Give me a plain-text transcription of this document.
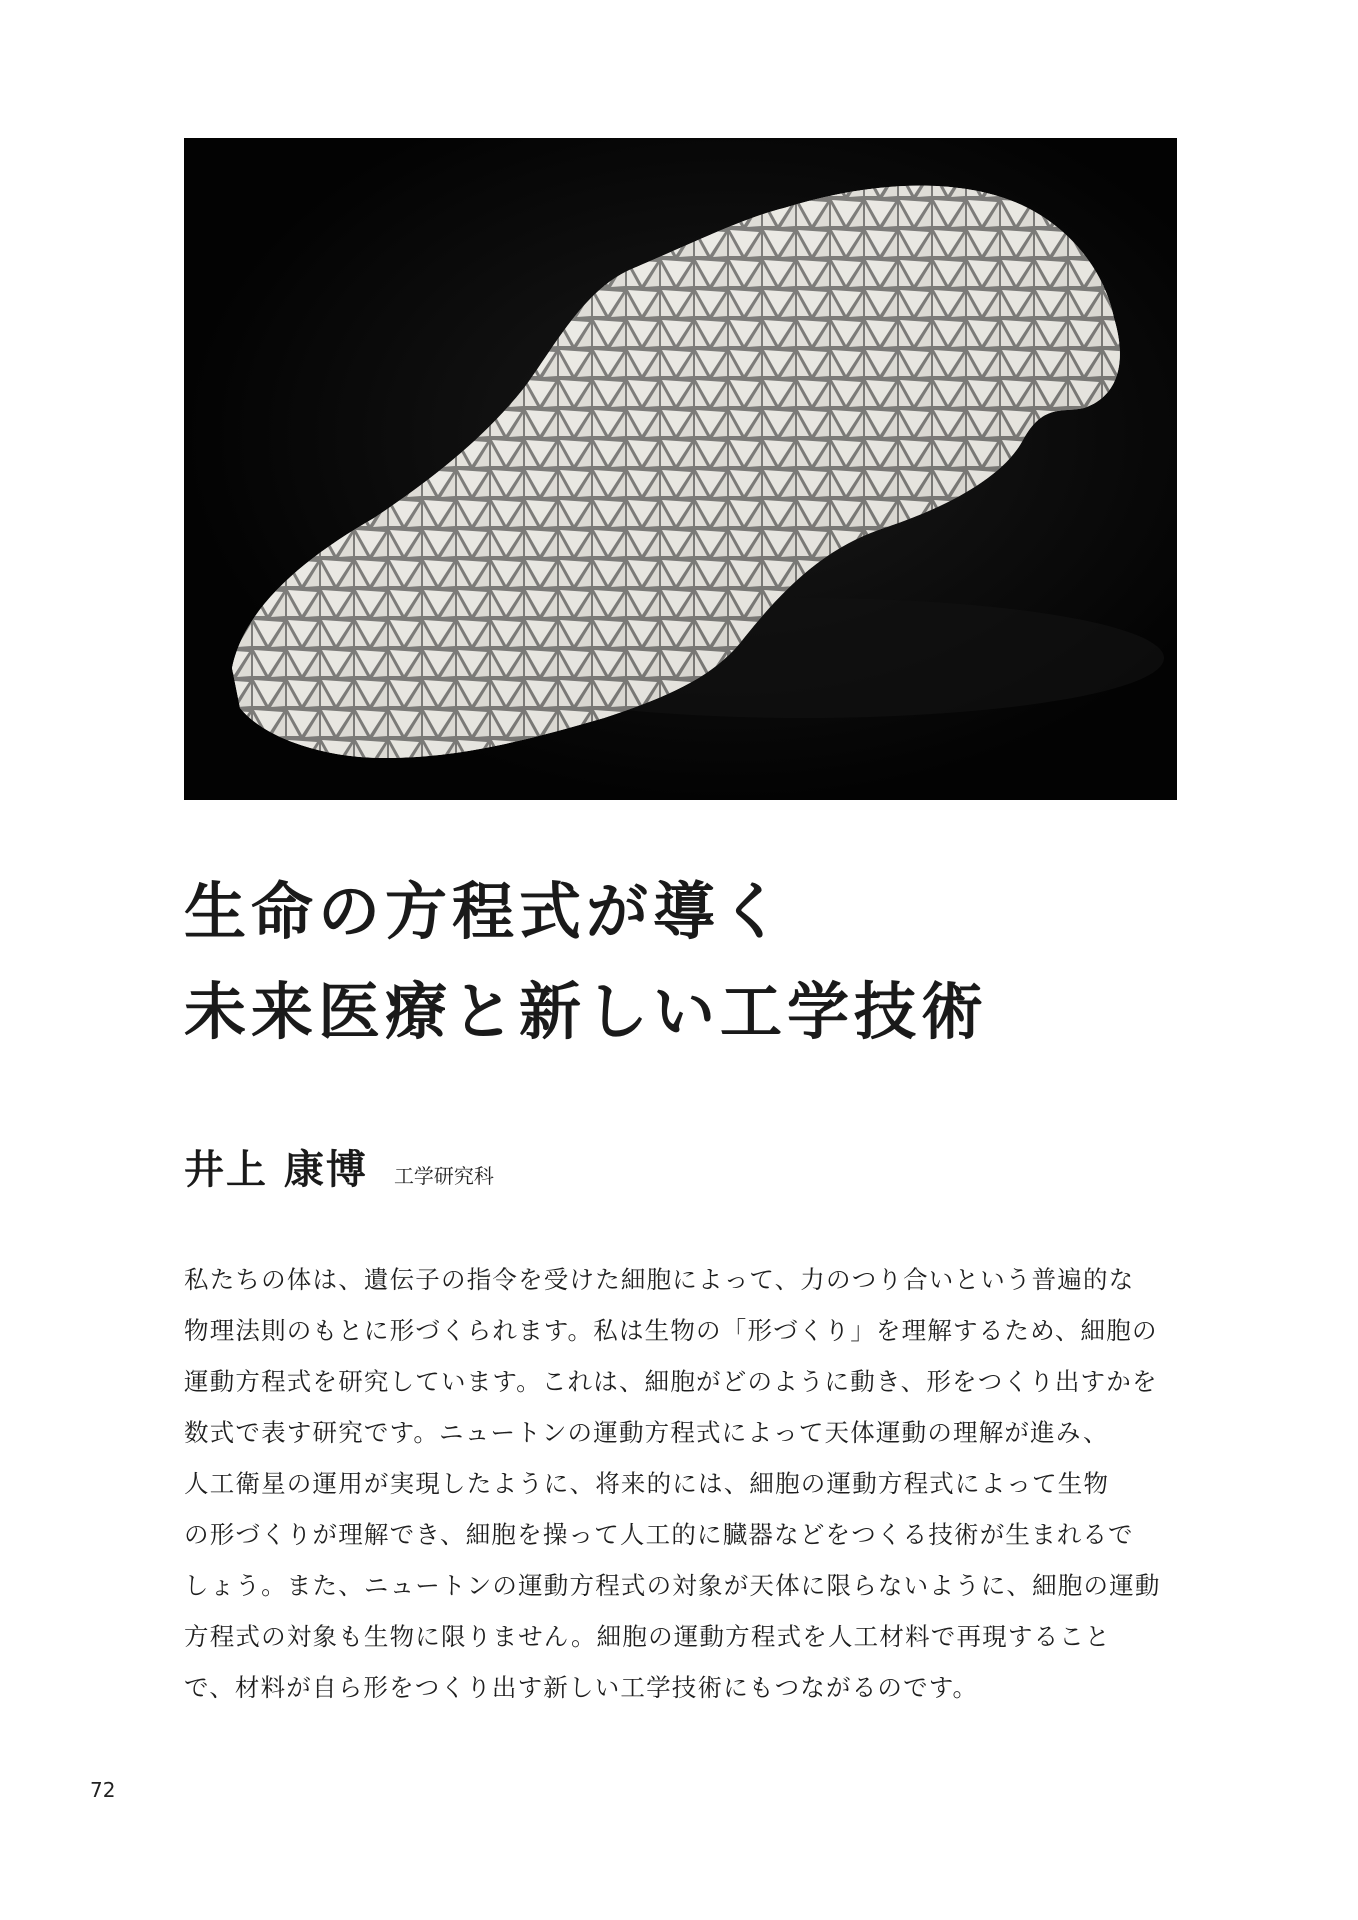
生命の方程式が導く
未来医療と新しい工学技術
井上 康博 工学研究科
私たちの体は、遺伝子の指令を受けた細胞によって、力のつり合いという普遍的な
物理法則のもとに形づくられます。私は生物の「形づくり」を理解するため、細胞の
運動方程式を研究しています。これは、細胞がどのように動き、形をつくり出すかを
数式で表す研究です。ニュートンの運動方程式によって天体運動の理解が進み、
人工衛星の運用が実現したように、将来的には、細胞の運動方程式によって生物
の形づくりが理解でき、細胞を操って人工的に臓器などをつくる技術が生まれるで
しょう。また、ニュートンの運動方程式の対象が天体に限らないように、細胞の運動
方程式の対象も生物に限りません。細胞の運動方程式を人工材料で再現すること
で、材料が自ら形をつくり出す新しい工学技術にもつながるのです。
72
